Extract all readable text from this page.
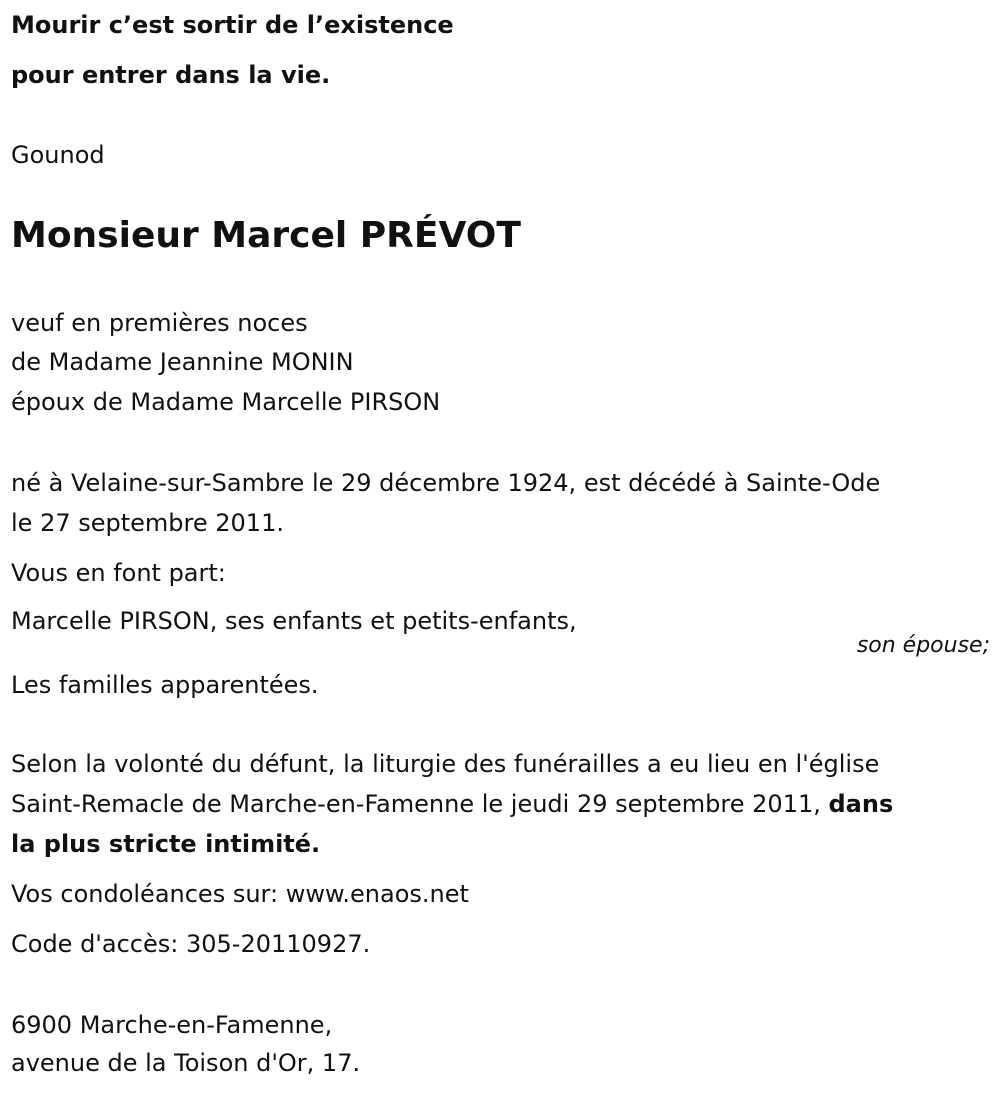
Mourir c’est sortir de l’existence
pour entrer dans la vie.
Gounod
Monsieur Marcel PRÉVOT
veuf en premières noces
de Madame Jeannine MONIN
époux de Madame Marcelle PIRSON
né à Velaine-sur-Sambre le 29 décembre 1924, est décédé à Sainte-Ode
le 27 septembre 2011.
Vous en font part:
Marcelle PIRSON, ses enfants et petits-enfants,
son épouse;
Les familles apparentées.
Selon la volonté du défunt, la liturgie des funérailles a eu lieu en l'église
Saint-Remacle de Marche-en-Famenne le jeudi 29 septembre 2011, dans
la plus stricte intimité.
Vos condoléances sur: www.enaos.net
Code d'accès: 305-20110927.
6900 Marche-en-Famenne,
avenue de la Toison d'Or, 17.
